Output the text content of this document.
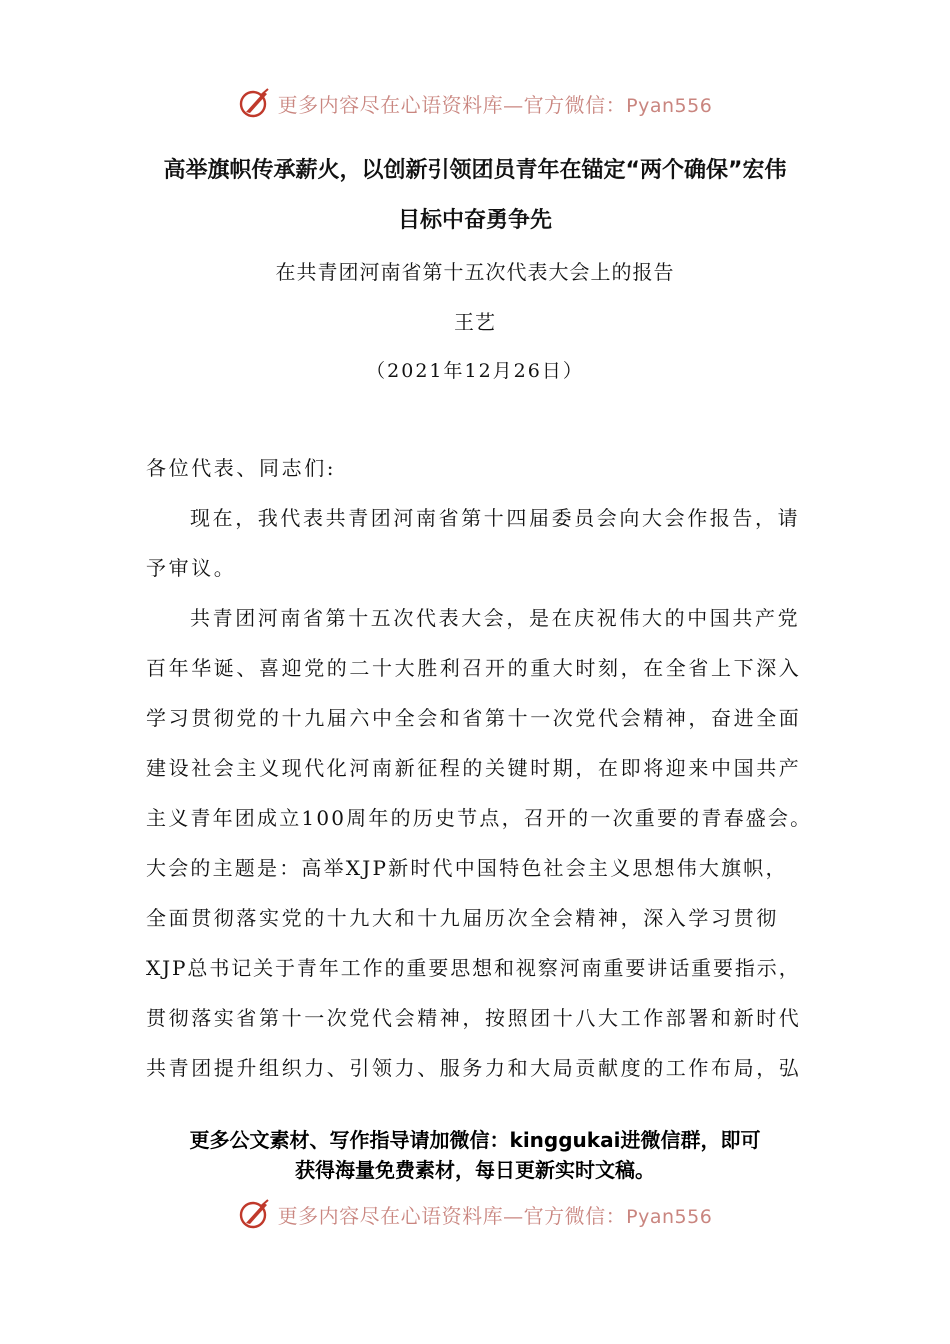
更多内容尽在心语资料库—官方微信：Pyan556
高举旗帜传承薪火，以创新引领团员青年在锚定“两个确保”宏伟
目标中奋勇争先
在共青团河南省第十五次代表大会上的报告
王艺
（2021年12月26日）
各位代表、同志们:
现在，我代表共青团河南省第十四届委员会向大会作报告，请
予审议。
共青团河南省第十五次代表大会，是在庆祝伟大的中国共产党
百年华诞、喜迎党的二十大胜利召开的重大时刻，在全省上下深入
学习贯彻党的十九届六中全会和省第十一次党代会精神，奋进全面
建设社会主义现代化河南新征程的关键时期，在即将迎来中国共产
主义青年团成立100周年的历史节点，召开的一次重要的青春盛会。
大会的主题是：高举XJP新时代中国特色社会主义思想伟大旗帜，
全面贯彻落实党的十九大和十九届历次全会精神，深入学习贯彻
XJP总书记关于青年工作的重要思想和视察河南重要讲话重要指示，
贯彻落实省第十一次党代会精神，按照团十八大工作部署和新时代
共青团提升组织力、引领力、服务力和大局贡献度的工作布局，弘
更多公文素材、写作指导请加微信：kinggukai进微信群，即可
获得海量免费素材，每日更新实时文稿。
更多内容尽在心语资料库—官方微信：Pyan556
